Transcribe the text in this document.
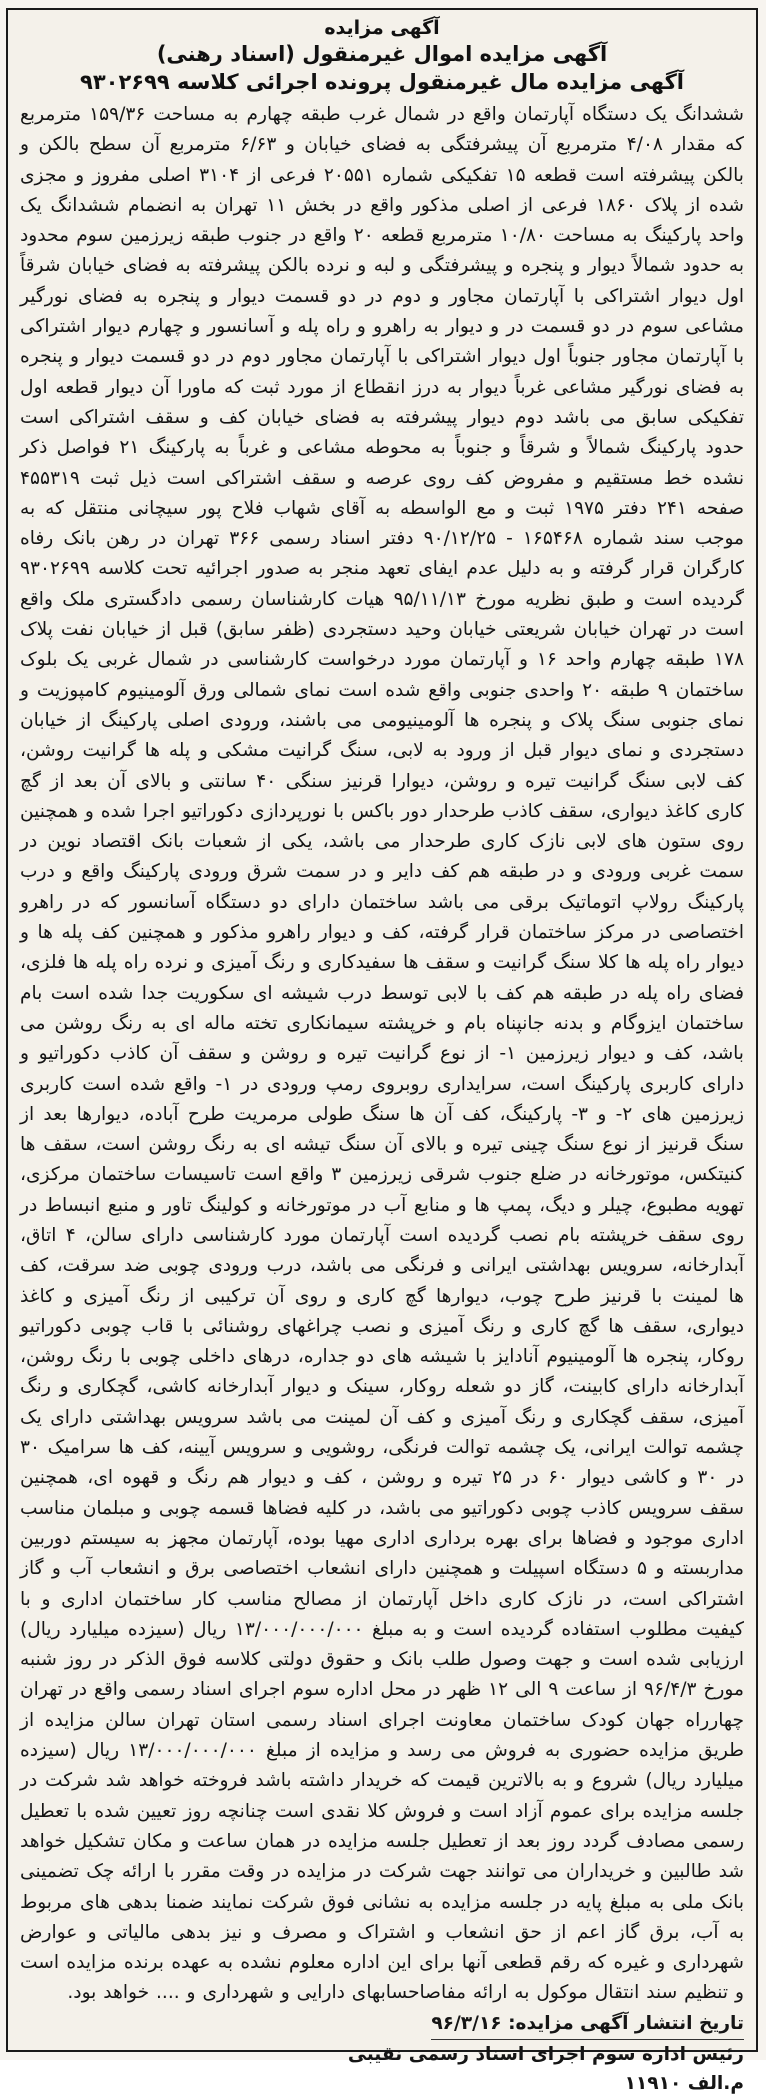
آگهی مزایده
آگهی مزایده اموال غیرمنقول (اسناد رهنی)
آگهی مزایده مال غیرمنقول پرونده اجرائی کلاسه ۹۳۰۲۶۹۹
ششدانگ یک دستگاه آپارتمان واقع در شمال غرب طبقه چهارم به مساحت ۱۵۹/۳۶ مترمربع که مقدار ۴/۰۸ مترمربع آن پیشرفتگی به فضای خیابان و ۶/۶۳ مترمربع آن سطح بالکن و بالکن پیشرفته است قطعه ۱۵ تفکیکی شماره ۲۰۵۵۱ فرعی از ۳۱۰۴ اصلی مفروز و مجزی شده از پلاک ۱۸۶۰ فرعی از اصلی مذکور واقع در بخش ۱۱ تهران به انضمام ششدانگ یک واحد پارکینگ به مساحت ۱۰/۸۰ مترمربع قطعه ۲۰ واقع در جنوب طبقه زیرزمین سوم محدود به حدود شمالاً دیوار و پنجره و پیشرفتگی و لبه و نرده بالکن پیشرفته به فضای خیابان شرقاً اول دیوار اشتراکی با آپارتمان مجاور و دوم در دو قسمت دیوار و پنجره به فضای نورگیر مشاعی سوم در دو قسمت در و دیوار به راهرو و راه پله و آسانسور و چهارم دیوار اشتراکی با آپارتمان مجاور جنوباً اول دیوار اشتراکی با آپارتمان مجاور دوم در دو قسمت دیوار و پنجره به فضای نورگیر مشاعی غرباً دیوار به درز انقطاع از مورد ثبت که ماورا آن دیوار قطعه اول تفکیکی سابق می باشد دوم دیوار پیشرفته به فضای خیابان کف و سقف اشتراکی است حدود پارکینگ شمالاً و شرقاً و جنوباً به محوطه مشاعی و غرباً به پارکینگ ۲۱ فواصل ذکر نشده خط مستقیم و مفروض کف روی عرصه و سقف اشتراکی است ذیل ثبت ۴۵۵۳۱۹ صفحه ۲۴۱ دفتر ۱۹۷۵ ثبت و مع الواسطه به آقای شهاب فلاح پور سیچانی منتقل که به موجب سند شماره ۱۶۵۴۶۸ - ۹۰/۱۲/۲۵ دفتر اسناد رسمی ۳۶۶ تهران در رهن بانک رفاه کارگران قرار گرفته و به دلیل عدم ایفای تعهد منجر به صدور اجرائیه تحت کلاسه ۹۳۰۲۶۹۹ گردیده است و طبق نظریه مورخ ۹۵/۱۱/۱۳ هیات کارشناسان رسمی دادگستری ملک واقع است در تهران خیابان شریعتی خیابان وحید دستجردی (ظفر سابق) قبل از خیابان نفت پلاک ۱۷۸ طبقه چهارم واحد ۱۶ و آپارتمان مورد درخواست کارشناسی در شمال غربی یک بلوک ساختمان ۹ طبقه ۲۰ واحدی جنوبی واقع شده است نمای شمالی ورق آلومینیوم کامپوزیت و نمای جنوبی سنگ پلاک و پنجره ها آلومینیومی می باشند، ورودی اصلی پارکینگ از خیابان دستجردی و نمای دیوار قبل از ورود به لابی، سنگ گرانیت مشکی و پله ها گرانیت روشن، کف لابی سنگ گرانیت تیره و روشن، دیوارا قرنیز سنگی ۴۰ سانتی و بالای آن بعد از گچ کاری کاغذ دیواری، سقف کاذب طرحدار دور باکس با نورپردازی دکوراتیو اجرا شده و همچنین روی ستون های لابی نازک کاری طرحدار می باشد، یکی از شعبات بانک اقتصاد نوین در سمت غربی ورودی و در طبقه هم کف دایر و در سمت شرق ورودی پارکینگ واقع و درب پارکینگ رولاپ اتوماتیک برقی می باشد ساختمان دارای دو دستگاه آسانسور که در راهرو اختصاصی در مرکز ساختمان قرار گرفته، کف و دیوار راهرو مذکور و همچنین کف پله ها و دیوار راه پله ها کلا سنگ گرانیت و سقف ها سفیدکاری و رنگ آمیزی و نرده راه پله ها فلزی، فضای راه پله در طبقه هم کف با لابی توسط درب شیشه ای سکوریت جدا شده است بام ساختمان ایزوگام و بدنه جانپناه بام و خرپشته سیمانکاری تخته ماله ای به رنگ روشن می باشد، کف و دیوار زیرزمین ۱- از نوع گرانیت تیره و روشن و سقف آن کاذب دکوراتیو و دارای کاربری پارکینگ است، سرایداری روبروی رمپ ورودی در ۱- واقع شده است کاربری زیرزمین های ۲- و ۳- پارکینگ، کف آن ها سنگ طولی مرمریت طرح آباده، دیوارها بعد از سنگ قرنیز از نوع سنگ چینی تیره و بالای آن سنگ تیشه ای به رنگ روشن است، سقف ها کنیتکس، موتورخانه در ضلع جنوب شرقی زیرزمین ۳ واقع است تاسیسات ساختمان مرکزی، تهویه مطبوع، چیلر و دیگ، پمپ ها و منابع آب در موتورخانه و کولینگ تاور و منبع انبساط در روی سقف خرپشته بام نصب گردیده است آپارتمان مورد کارشناسی دارای سالن، ۴ اتاق، آبدارخانه، سرویس بهداشتی ایرانی و فرنگی می باشد، درب ورودی چوبی ضد سرقت، کف ها لمینت با قرنیز طرح چوب، دیوارها گچ کاری و روی آن ترکیبی از رنگ آمیزی و کاغذ دیواری، سقف ها گچ کاری و رنگ آمیزی و نصب چراغهای روشنائی با قاب چوبی دکوراتیو روکار، پنجره ها آلومینیوم آنادایز با شیشه های دو جداره، درهای داخلی چوبی با رنگ روشن، آبدارخانه دارای کابینت، گاز دو شعله روکار، سینک و دیوار آبدارخانه کاشی، گچکاری و رنگ آمیزی، سقف گچکاری و رنگ آمیزی و کف آن لمینت می باشد سرویس بهداشتی دارای یک چشمه توالت ایرانی، یک چشمه توالت فرنگی، روشویی و سرویس آیینه، کف ها سرامیک ۳۰ در ۳۰ و کاشی دیوار ۶۰ در ۲۵ تیره و روشن ، کف و دیوار هم رنگ و قهوه ای، همچنین سقف سرویس کاذب چوبی دکوراتیو می باشد، در کلیه فضاها قسمه چوبی و مبلمان مناسب اداری موجود و فضاها برای بهره برداری اداری مهیا بوده، آپارتمان مجهز به سیستم دوربین مداربسته و ۵ دستگاه اسپیلت و همچنین دارای انشعاب اختصاصی برق و انشعاب آب و گاز اشتراکی است، در نازک کاری داخل آپارتمان از مصالح مناسب کار ساختمان اداری و با کیفیت مطلوب استفاده گردیده است و به مبلغ ۱۳/۰۰۰/۰۰۰/۰۰۰ ریال (سیزده میلیارد ریال) ارزیابی شده است و جهت وصول طلب بانک و حقوق دولتی کلاسه فوق الذکر در روز شنبه مورخ ۹۶/۴/۳ از ساعت ۹ الی ۱۲ ظهر در محل اداره سوم اجرای اسناد رسمی واقع در تهران چهارراه جهان کودک ساختمان معاونت اجرای اسناد رسمی استان تهران سالن مزایده از طریق مزایده حضوری به فروش می رسد و مزایده از مبلغ ۱۳/۰۰۰/۰۰۰/۰۰۰ ریال (سیزده میلیارد ریال) شروع و به بالاترین قیمت که خریدار داشته باشد فروخته خواهد شد شرکت در جلسه مزایده برای عموم آزاد است و فروش کلا نقدی است چنانچه روز تعیین شده با تعطیل رسمی مصادف گردد روز بعد از تعطیل جلسه مزایده در همان ساعت و مکان تشکیل خواهد شد طالبین و خریداران می توانند جهت شرکت در مزایده در وقت مقرر با ارائه چک تضمینی بانک ملی به مبلغ پایه در جلسه مزایده به نشانی فوق شرکت نمایند ضمنا بدهی های مربوط به آب، برق گاز اعم از حق انشعاب و اشتراک و مصرف و نیز بدهی مالیاتی و عوارض شهرداری و غیره که رقم قطعی آنها برای این اداره معلوم نشده به عهده برنده مزایده است و تنظیم سند انتقال موکول به ارائه مفاصاحسابهای دارایی و شهرداری و .... خواهد بود.
تاریخ انتشار آگهی مزایده: ۹۶/۳/۱۶
رئیس اداره سوم اجرای اسناد رسمی نقیبی
م.الف ۱۱۹۱۰
